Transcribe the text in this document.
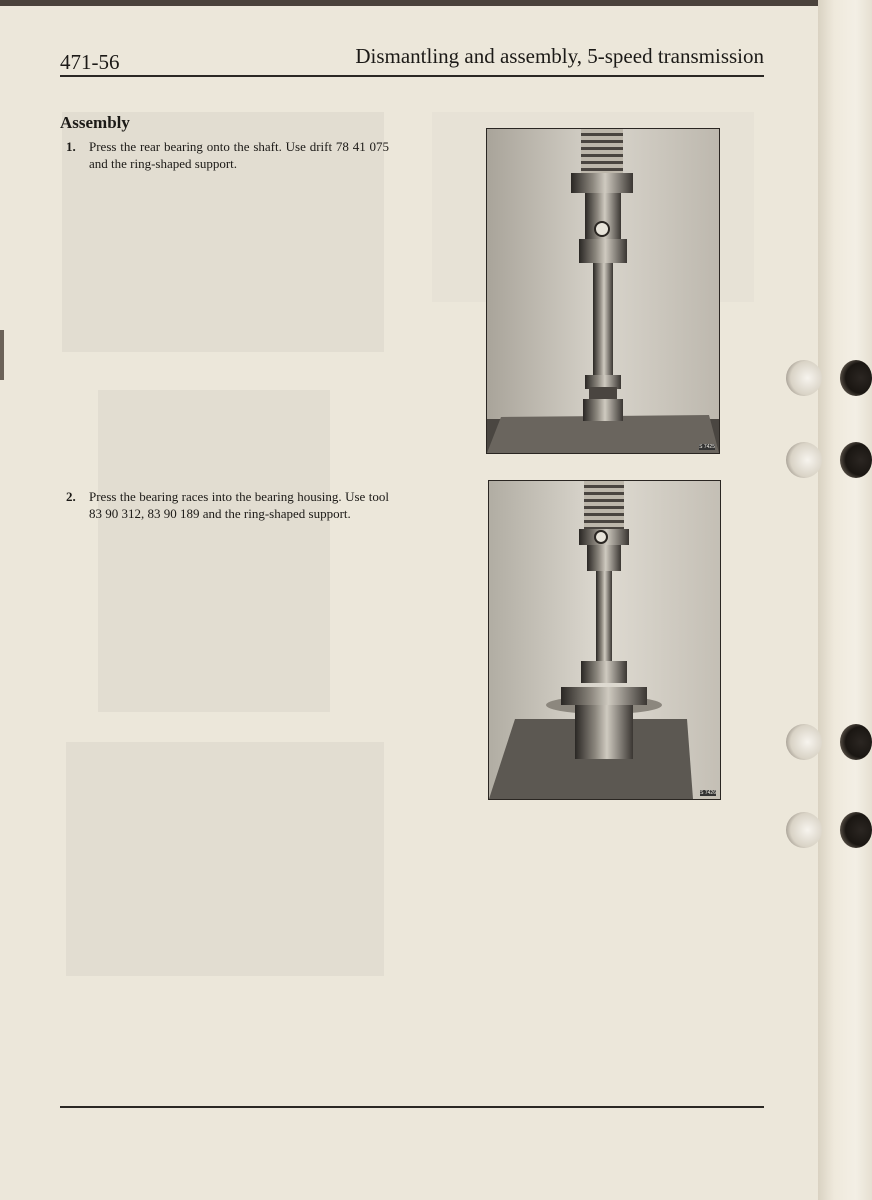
471-56	Dismantling and assembly, 5-speed transmission
Assembly
1. Press the rear bearing onto the shaft. Use drift 78 41 075 and the ring-shaped support.
2. Press the bearing races into the bearing housing. Use tool 83 90 312, 83 90 189 and the ring-shaped support.
S 7425
S 7426
